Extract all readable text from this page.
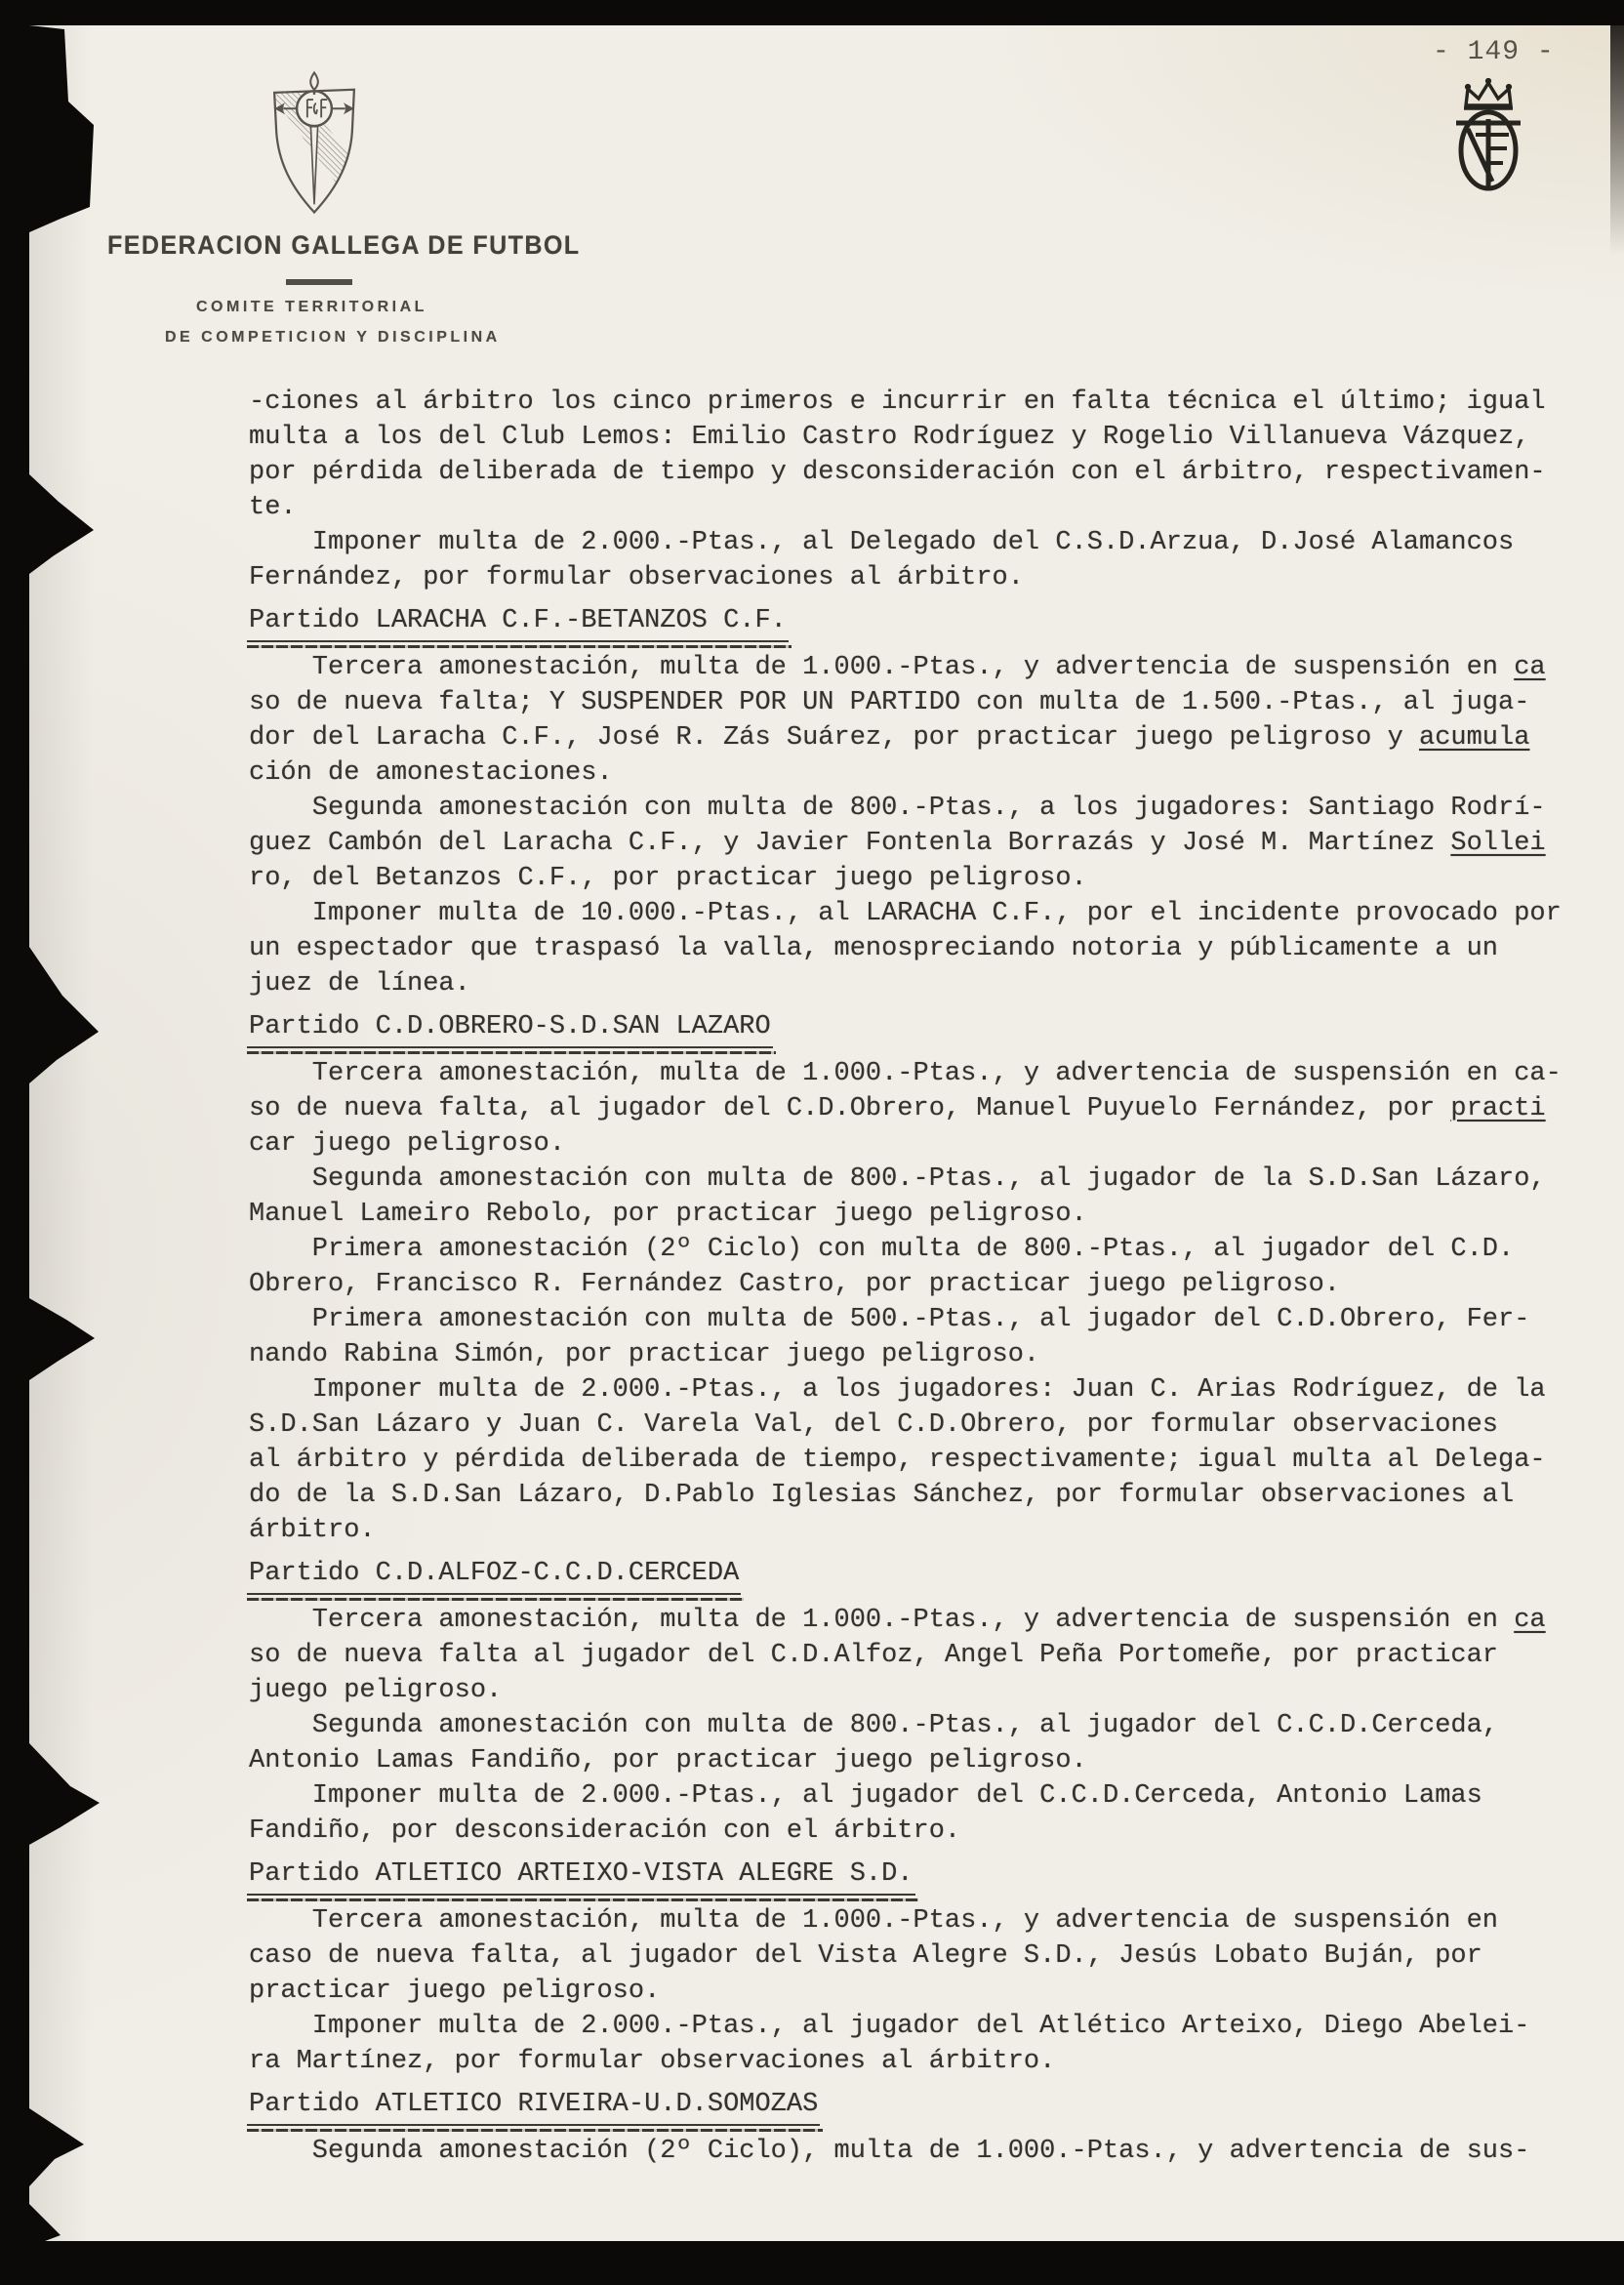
FEDERACION GALLEGA DE FUTBOL
COMITE TERRITORIAL
DE COMPETICION Y DISCIPLINA
- 149 -
-ciones al árbitro los cinco primeros e incurrir en falta técnica el último; igual
multa a los del Club Lemos: Emilio Castro Rodríguez y Rogelio Villanueva Vázquez,
por pérdida deliberada de tiempo y desconsideración con el árbitro, respectivamen-
te.
Imponer multa de 2.000.-Ptas., al Delegado del C.S.D.Arzua, D.José Alamancos
Fernández, por formular observaciones al árbitro.
Partido LARACHA C.F.-BETANZOS C.F.
Tercera amonestación, multa de 1.000.-Ptas., y advertencia de suspensión en ca
so de nueva falta; Y SUSPENDER POR UN PARTIDO con multa de 1.500.-Ptas., al juga-
dor del Laracha C.F., José R. Zás Suárez, por practicar juego peligroso y acumula
ción de amonestaciones.
Segunda amonestación con multa de 800.-Ptas., a los jugadores: Santiago Rodrí-
guez Cambón del Laracha C.F., y Javier Fontenla Borrazás y José M. Martínez Sollei
ro, del Betanzos C.F., por practicar juego peligroso.
Imponer multa de 10.000.-Ptas., al LARACHA C.F., por el incidente provocado por
un espectador que traspasó la valla, menospreciando notoria y públicamente a un
juez de línea.
Partido C.D.OBRERO-S.D.SAN LAZARO
Tercera amonestación, multa de 1.000.-Ptas., y advertencia de suspensión en ca-
so de nueva falta, al jugador del C.D.Obrero, Manuel Puyuelo Fernández, por practi
car juego peligroso.
Segunda amonestación con multa de 800.-Ptas., al jugador de la S.D.San Lázaro,
Manuel Lameiro Rebolo, por practicar juego peligroso.
Primera amonestación (2º Ciclo) con multa de 800.-Ptas., al jugador del C.D.
Obrero, Francisco R. Fernández Castro, por practicar juego peligroso.
Primera amonestación con multa de 500.-Ptas., al jugador del C.D.Obrero, Fer-
nando Rabina Simón, por practicar juego peligroso.
Imponer multa de 2.000.-Ptas., a los jugadores: Juan C. Arias Rodríguez, de la
S.D.San Lázaro y Juan C. Varela Val, del C.D.Obrero, por formular observaciones
al árbitro y pérdida deliberada de tiempo, respectivamente; igual multa al Delega-
do de la S.D.San Lázaro, D.Pablo Iglesias Sánchez, por formular observaciones al
árbitro.
Partido C.D.ALFOZ-C.C.D.CERCEDA
Tercera amonestación, multa de 1.000.-Ptas., y advertencia de suspensión en ca
so de nueva falta al jugador del C.D.Alfoz, Angel Peña Portomeñe, por practicar
juego peligroso.
Segunda amonestación con multa de 800.-Ptas., al jugador del C.C.D.Cerceda,
Antonio Lamas Fandiño, por practicar juego peligroso.
Imponer multa de 2.000.-Ptas., al jugador del C.C.D.Cerceda, Antonio Lamas
Fandiño, por desconsideración con el árbitro.
Partido ATLETICO ARTEIXO-VISTA ALEGRE S.D.
Tercera amonestación, multa de 1.000.-Ptas., y advertencia de suspensión en
caso de nueva falta, al jugador del Vista Alegre S.D., Jesús Lobato Buján, por
practicar juego peligroso.
Imponer multa de 2.000.-Ptas., al jugador del Atlético Arteixo, Diego Abelei-
ra Martínez, por formular observaciones al árbitro.
Partido ATLETICO RIVEIRA-U.D.SOMOZAS
Segunda amonestación (2º Ciclo), multa de 1.000.-Ptas., y advertencia de sus-
